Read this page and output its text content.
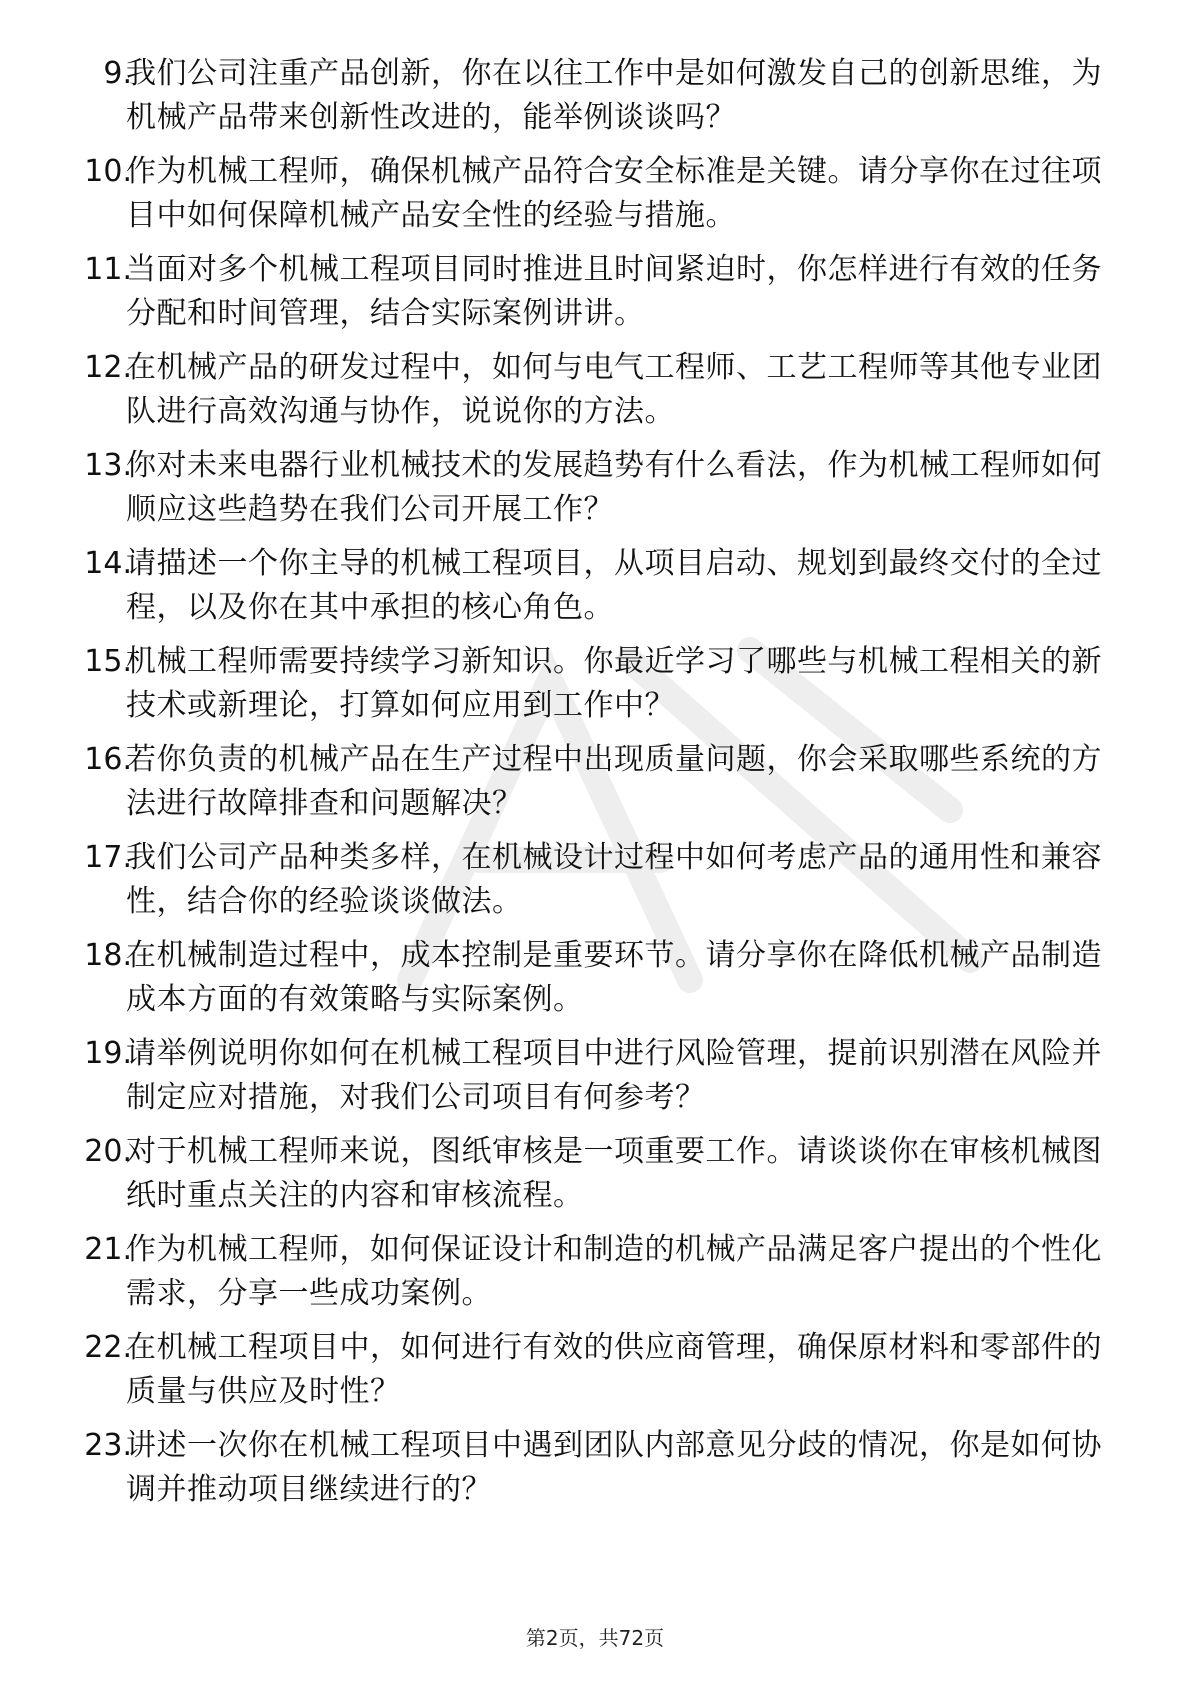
9.
我们公司注重产品创新，你在以往工作中是如何激发自己的创新思维，为机械产品带来创新性改进的，能举例谈谈吗？
10.
作为机械工程师，确保机械产品符合安全标准是关键。请分享你在过往项目中如何保障机械产品安全性的经验与措施。
11.
当面对多个机械工程项目同时推进且时间紧迫时，你怎样进行有效的任务分配和时间管理，结合实际案例讲讲。
12.
在机械产品的研发过程中，如何与电气工程师、工艺工程师等其他专业团队进行高效沟通与协作，说说你的方法。
13.
你对未来电器行业机械技术的发展趋势有什么看法，作为机械工程师如何顺应这些趋势在我们公司开展工作？
14.
请描述一个你主导的机械工程项目，从项目启动、规划到最终交付的全过程，以及你在其中承担的核心角色。
15.
机械工程师需要持续学习新知识。你最近学习了哪些与机械工程相关的新技术或新理论，打算如何应用到工作中？
16.
若你负责的机械产品在生产过程中出现质量问题，你会采取哪些系统的方法进行故障排查和问题解决？
17.
我们公司产品种类多样，在机械设计过程中如何考虑产品的通用性和兼容性，结合你的经验谈谈做法。
18.
在机械制造过程中，成本控制是重要环节。请分享你在降低机械产品制造成本方面的有效策略与实际案例。
19.
请举例说明你如何在机械工程项目中进行风险管理，提前识别潜在风险并制定应对措施，对我们公司项目有何参考？
20.
对于机械工程师来说，图纸审核是一项重要工作。请谈谈你在审核机械图纸时重点关注的内容和审核流程。
21.
作为机械工程师，如何保证设计和制造的机械产品满足客户提出的个性化需求，分享一些成功案例。
22.
在机械工程项目中，如何进行有效的供应商管理，确保原材料和零部件的质量与供应及时性？
23.
讲述一次你在机械工程项目中遇到团队内部意见分歧的情况，你是如何协调并推动项目继续进行的？
第2页，共72页
